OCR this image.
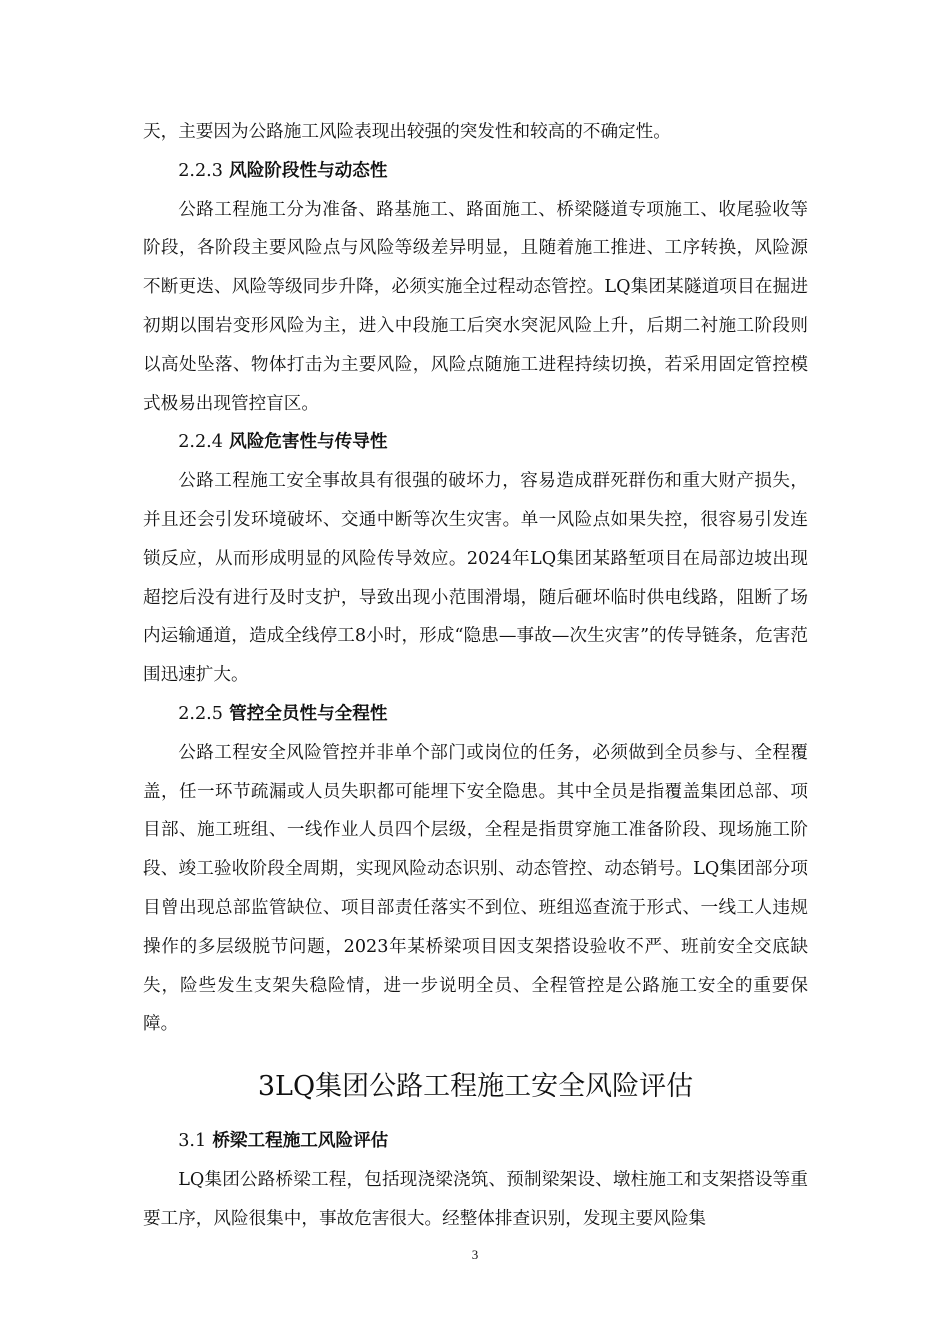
天，主要因为公路施工风险表现出较强的突发性和较高的不确定性。

2.2.3 风险阶段性与动态性

公路工程施工分为准备、路基施工、路面施工、桥梁隧道专项施工、收尾验收等阶段，各阶段主要风险点与风险等级差异明显，且随着施工推进、工序转换，风险源不断更迭、风险等级同步升降，必须实施全过程动态管控。LQ集团某隧道项目在掘进初期以围岩变形风险为主，进入中段施工后突水突泥风险上升，后期二衬施工阶段则以高处坠落、物体打击为主要风险，风险点随施工进程持续切换，若采用固定管控模式极易出现管控盲区。

2.2.4 风险危害性与传导性

公路工程施工安全事故具有很强的破坏力，容易造成群死群伤和重大财产损失，并且还会引发环境破坏、交通中断等次生灾害。单一风险点如果失控，很容易引发连锁反应，从而形成明显的风险传导效应。2024年LQ集团某路堑项目在局部边坡出现超挖后没有进行及时支护，导致出现小范围滑塌，随后砸坏临时供电线路，阻断了场内运输通道，造成全线停工8小时，形成“隐患—事故—次生灾害”的传导链条，危害范围迅速扩大。

2.2.5 管控全员性与全程性

公路工程安全风险管控并非单个部门或岗位的任务，必须做到全员参与、全程覆盖，任一环节疏漏或人员失职都可能埋下安全隐患。其中全员是指覆盖集团总部、项目部、施工班组、一线作业人员四个层级，全程是指贯穿施工准备阶段、现场施工阶段、竣工验收阶段全周期，实现风险动态识别、动态管控、动态销号。LQ集团部分项目曾出现总部监管缺位、项目部责任落实不到位、班组巡查流于形式、一线工人违规操作的多层级脱节问题，2023年某桥梁项目因支架搭设验收不严、班前安全交底缺失，险些发生支架失稳险情，进一步说明全员、全程管控是公路施工安全的重要保障。

3LQ集团公路工程施工安全风险评估
3.1 桥梁工程施工风险评估

LQ集团公路桥梁工程，包括现浇梁浇筑、预制梁架设、墩柱施工和支架搭设等重要工序，风险很集中，事故危害很大。经整体排查识别，发现主要风险集

3
